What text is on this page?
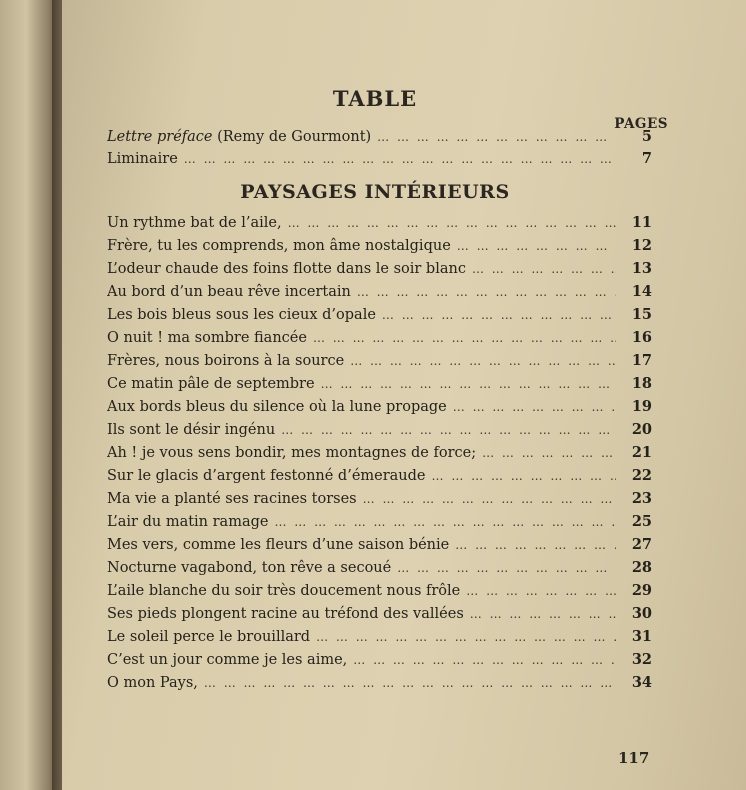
TABLE
PAGES
Lettre préface (Remy de Gourmont) … … … … … … … … … … … … … … … … … … … … … … … … … … … … … … … …	5
Liminaire … … … … … … … … … … … … … … … … … … … … … … … … … … … … … … … …	7
Un rythme bat de l’aile, … … … … … … … … … … … … … … … … … … … … … … … … … … … … … … … …	11
Frère, tu les comprends, mon âme nostalgique … … … … … … … … … … … … … … … … … … … … … … … … … … … … … … … …	12
L’odeur chaude des foins flotte dans le soir blanc … … … … … … … … … … … … … … … … … … … … … … … … … … … … … … … …	13
Au bord d’un beau rêve incertain … … … … … … … … … … … … … … … … … … … … … … … … … … … … … … … …	14
Les bois bleus sous les cieux d’opale … … … … … … … … … … … … … … … … … … … … … … … … … … … … … … … …	15
O nuit ! ma sombre fiancée … … … … … … … … … … … … … … … … … … … … … … … … … … … … … … … …	16
Frères, nous boirons à la source … … … … … … … … … … … … … … … … … … … … … … … … … … … … … … … …	17
Ce matin pâle de septembre … … … … … … … … … … … … … … … … … … … … … … … … … … … … … … … …	18
Aux bords bleus du silence où la lune propage … … … … … … … … … … … … … … … … … … … … … … … … … … … … … … … …	19
Ils sont le désir ingénu … … … … … … … … … … … … … … … … … … … … … … … … … … … … … … … …	20
Ah ! je vous sens bondir, mes montagnes de force; … … … … … … … … … … … … … … … … … … … … … … … … … … … … … … … …	21
Sur le glacis d’argent festonné d’émeraude … … … … … … … … … … … … … … … … … … … … … … … … … … … … … … … …	22
Ma vie a planté ses racines torses … … … … … … … … … … … … … … … … … … … … … … … … … … … … … … … …	23
L’air du matin ramage … … … … … … … … … … … … … … … … … … … … … … … … … … … … … … … …	25
Mes vers, comme les fleurs d’une saison bénie … … … … … … … … … … … … … … … … … … … … … … … … … … … … … … … …	27
Nocturne vagabond, ton rêve a secoué … … … … … … … … … … … … … … … … … … … … … … … … … … … … … … … …	28
L’aile blanche du soir très doucement nous frôle … … … … … … … … … … … … … … … … … … … … … … … … … … … … … … … …	29
Ses pieds plongent racine au tréfond des vallées … … … … … … … … … … … … … … … … … … … … … … … … … … … … … … … …	30
Le soleil perce le brouillard … … … … … … … … … … … … … … … … … … … … … … … … … … … … … … … …	31
C’est un jour comme je les aime, … … … … … … … … … … … … … … … … … … … … … … … … … … … … … … … …	32
O mon Pays, … … … … … … … … … … … … … … … … … … … … … … … … … … … … … … … …	34
PAYSAGES INTÉRIEURS
117
